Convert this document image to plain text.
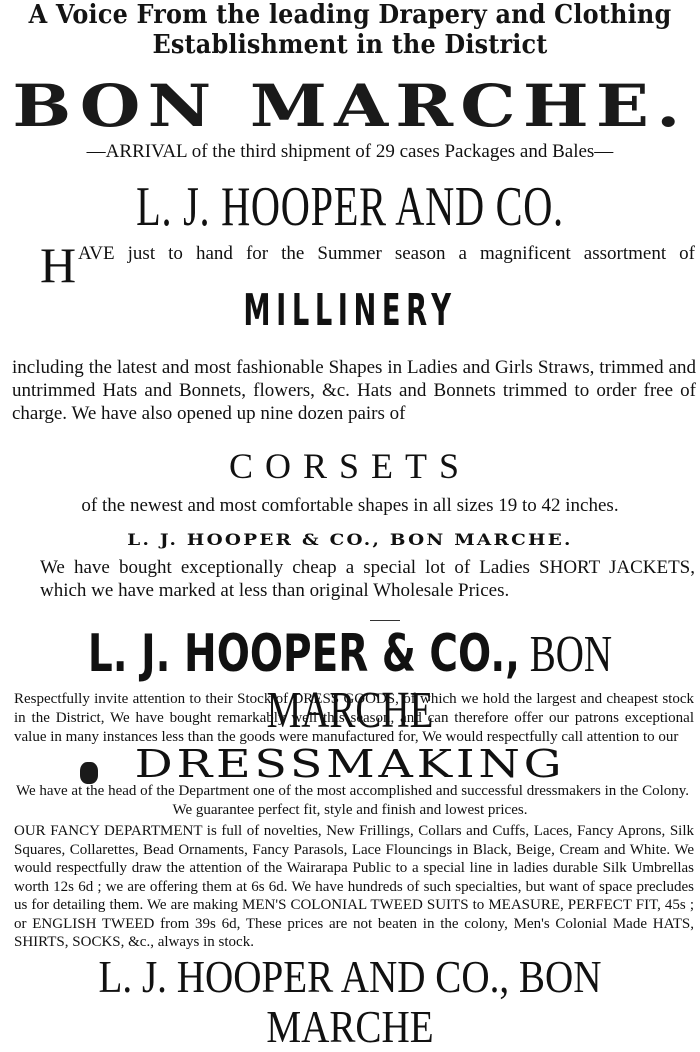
A Voice From the leading Drapery and Clothing Establishment in the District
BON MARCHE.
—ARRIVAL of the third shipment of 29 cases Packages and Bales—
L. J. HOOPER AND CO.
H AVE just to hand for the Summer season a magnificent assortment of
MILLINERY
including the latest and most fashionable Shapes in Ladies and Girls Straws, trimmed and untrimmed Hats and Bonnets, flowers, &c. Hats and Bonnets trimmed to order free of charge. We have also opened up nine dozen pairs of
CORSETS
of the newest and most comfortable shapes in all sizes 19 to 42 inches.
L. J. HOOPER & CO., BON MARCHE.
We have bought exceptionally cheap a special lot of Ladies SHORT JACKETS, which we have marked at less than original Wholesale Prices.
L. J. HOOPER & CO., BON MARCHE
Respectfully invite attention to their Stock of DRESS GOODS, of which we hold the largest and cheapest stock in the District, We have bought remarkably well this season, and can therefore offer our patrons exceptional value in many instances less than the goods were manufactured for, We would respectfully call attention to our
DRESSMAKING
We have at the head of the Department one of the most accomplished and successful dressmakers in the Colony.
We guarantee perfect fit, style and finish and lowest prices.
OUR FANCY DEPARTMENT is full of novelties, New Frillings, Collars and Cuffs, Laces, Fancy Aprons, Silk Squares, Collarettes, Bead Ornaments, Fancy Parasols, Lace Flouncings in Black, Beige, Cream and White. We would respectfully draw the attention of the Wairarapa Public to a special line in ladies durable Silk Umbrellas worth 12s 6d ; we are offering them at 6s 6d. We have hundreds of such specialties, but want of space precludes us for detailing them. We are making MEN'S COLONIAL TWEED SUITS to MEASURE, PERFECT FIT, 45s ; or ENGLISH TWEED from 39s 6d, These prices are not beaten in the colony, Men's Colonial Made HATS, SHIRTS, SOCKS, &c., always in stock.
L. J. HOOPER AND CO., BON MARCHE
